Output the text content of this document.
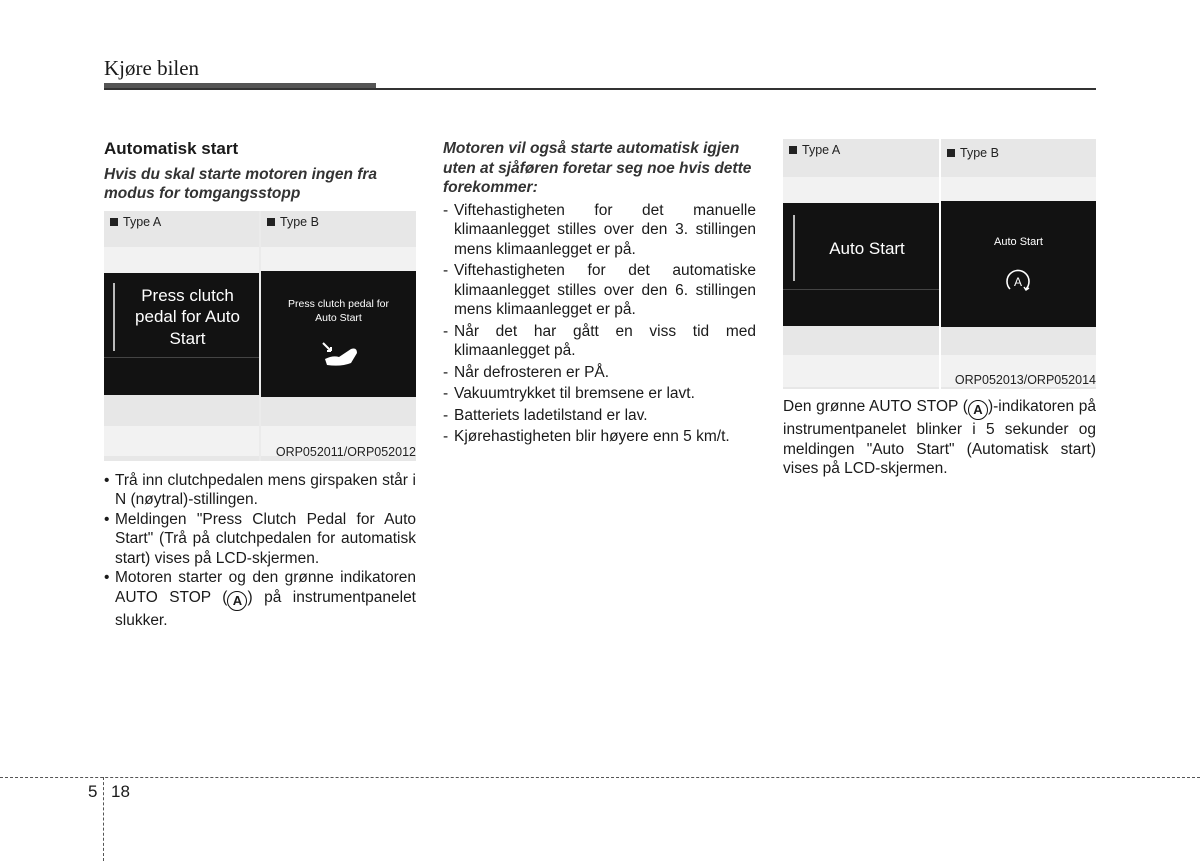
Kjøre bilen
Automatisk start
Hvis du skal starte motoren ingen fra modus for tomgangsstopp
Type A
Press clutch pedal for Auto Start
Type B
Press clutch pedal for Auto Start
ORP052011/ORP052012
• Trå inn clutchpedalen mens girspaken står i N (nøytral)-stillingen.
• Meldingen "Press Clutch Pedal for Auto Start" (Trå på clutchpedalen for automatisk start) vises på LCD-skjermen.
• Motoren starter og den grønne indikatoren AUTO STOP ( A ) på instrumentpanelet slukker.
Motoren vil også starte automatisk igjen uten at sjåføren foretar seg noe hvis dette forekommer:
- Viftehastigheten for det manuelle klimaanlegget stilles over den 3. stillingen mens klimaanlegget er på.
- Viftehastigheten for det automatiske klimaanlegget stilles over den 6. stillingen mens klimaanlegget er på.
- Når det har gått en viss tid med klimaanlegget på.
- Når defrosteren er PÅ.
- Vakuumtrykket til bremsene er lavt.
- Batteriets ladetilstand er lav.
- Kjørehastigheten blir høyere enn 5 km/t.
Type A
Auto Start
Type B
Auto Start
A
ORP052013/ORP052014

Den grønne AUTO STOP ( A )-indikatoren på instrumentpanelet blinker i 5 sekunder og meldingen "Auto Start" (Automatisk start) vises på LCD-skjermen.

5 18
